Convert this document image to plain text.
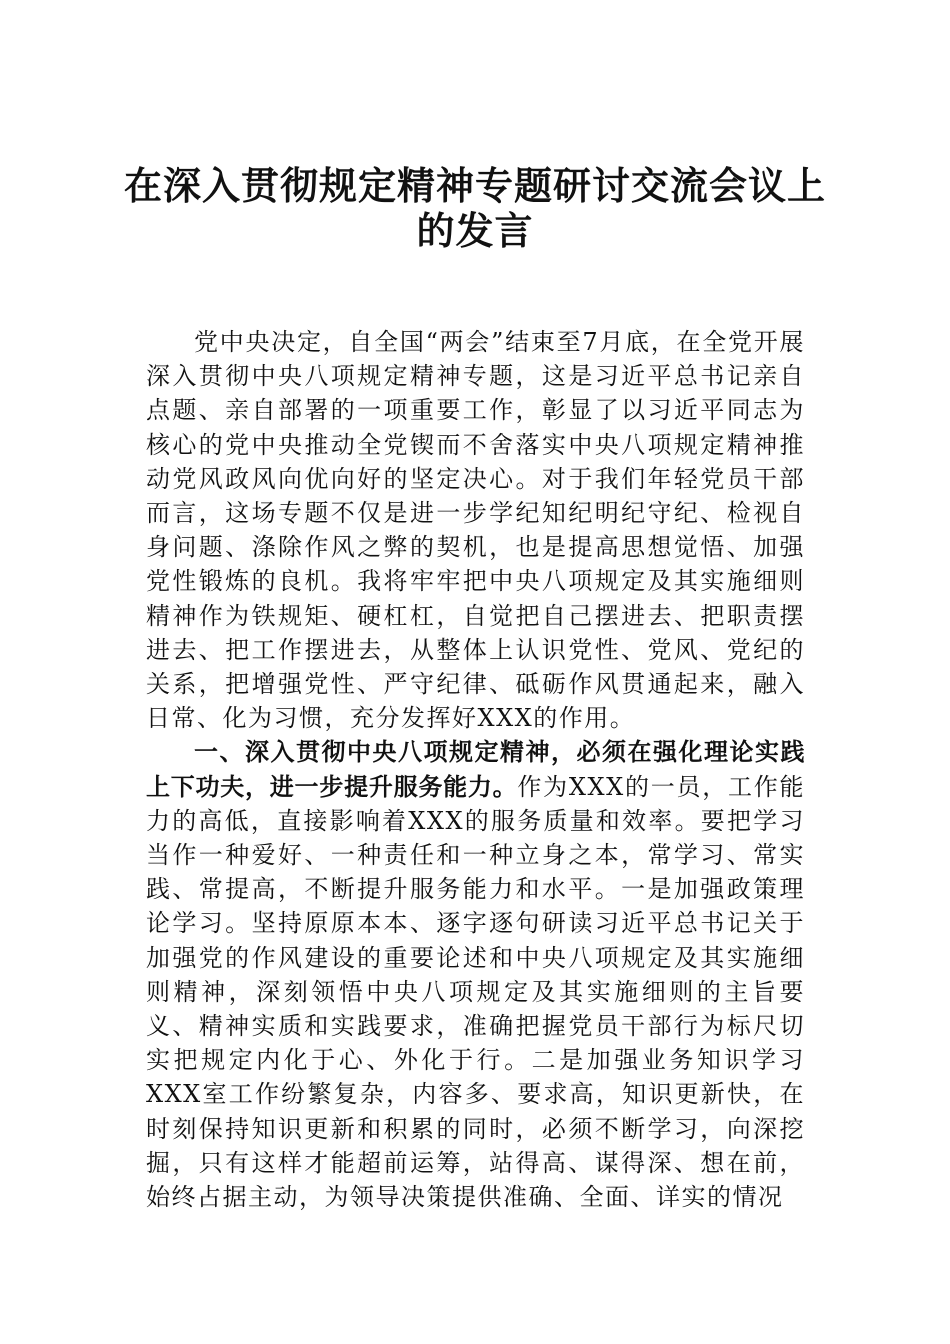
在深入贯彻规定精神专题研讨交流会议上
的发言

党中央决定，自全国“两会”结束至7月底，在全党开展深入贯彻中央八项规定精神专题，这是习近平总书记亲自点题、亲自部署的一项重要工作，彰显了以习近平同志为核心的党中央推动全党锲而不舍落实中央八项规定精神推动党风政风向优向好的坚定决心。对于我们年轻党员干部而言，这场专题不仅是进一步学纪知纪明纪守纪、检视自身问题、涤除作风之弊的契机，也是提高思想觉悟、加强党性锻炼的良机。我将牢牢把中央八项规定及其实施细则精神作为铁规矩、硬杠杠，自觉把自己摆进去、把职责摆进去、把工作摆进去，从整体上认识党性、党风、党纪的关系，把增强党性、严守纪律、砥砺作风贯通起来，融入日常、化为习惯，充分发挥好XXX的作用。

一、深入贯彻中央八项规定精神，必须在强化理论实践上下功夫，进一步提升服务能力。作为XXX的一员，工作能力的高低，直接影响着XXX的服务质量和效率。要把学习当作一种爱好、一种责任和一种立身之本，常学习、常实践、常提高，不断提升服务能力和水平。一是加强政策理论学习。坚持原原本本、逐字逐句研读习近平总书记关于加强党的作风建设的重要论述和中央八项规定及其实施细则精神，深刻领悟中央八项规定及其实施细则的主旨要义、精神实质和实践要求，准确把握党员干部行为标尺切实把规定内化于心、外化于行。二是加强业务知识学习XXX室工作纷繁复杂，内容多、要求高，知识更新快，在时刻保持知识更新和积累的同时，必须不断学习，向深挖掘，只有这样才能超前运筹，站得高、谋得深、想在前，始终占据主动，为领导决策提供准确、全面、详实的情况
